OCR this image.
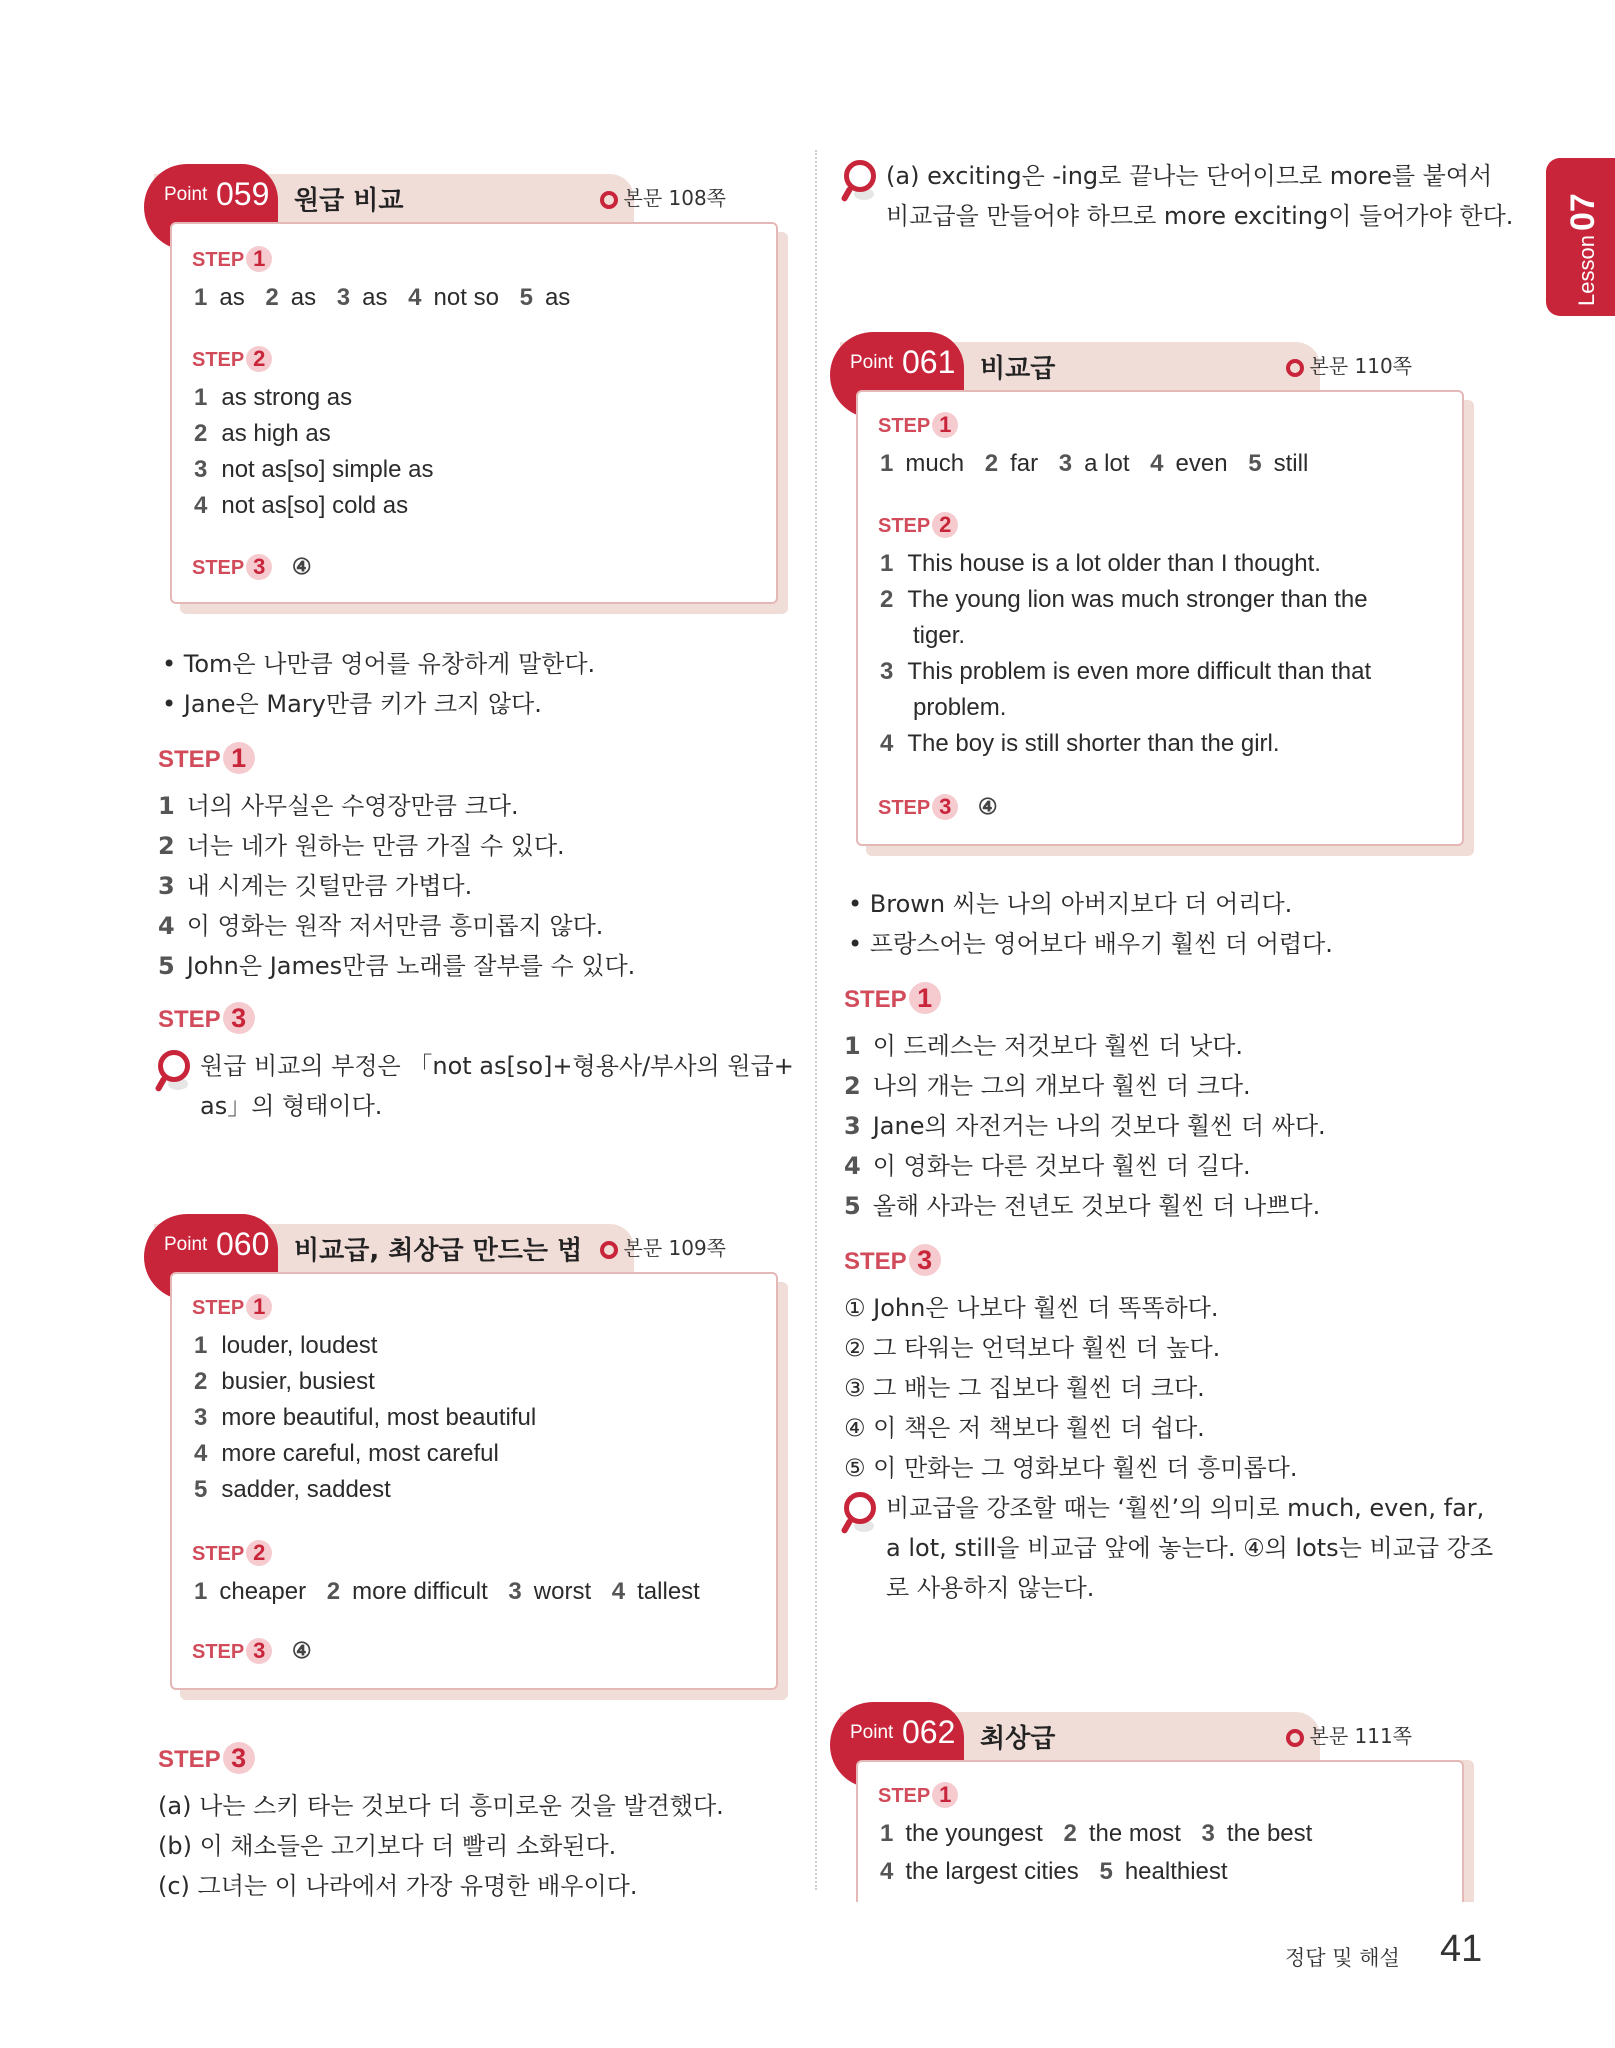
Lesson07
Point 059 원급 비교	본문 108쪽
STEP 1
1 as 2 as 3 as 4 not so 5 as
STEP 2
1 as strong as
2 as high as
3 not as[so] simple as
4 not as[so] cold as
STEP 3 ④
• Tom은 나만큼 영어를 유창하게 말한다.
• Jane은 Mary만큼 키가 크지 않다.
STEP 1
1 너의 사무실은 수영장만큼 크다.
2 너는 네가 원하는 만큼 가질 수 있다.
3 내 시계는 깃털만큼 가볍다.
4 이 영화는 원작 저서만큼 흥미롭지 않다.
5 John은 James만큼 노래를 잘부를 수 있다.
STEP 3
원급 비교의 부정은 「not as[so]+형용사/부사의 원급+
as」의 형태이다.
Point 060 비교급, 최상급 만드는 법	본문 109쪽
STEP 1
1 louder, loudest
2 busier, busiest
3 more beautiful, most beautiful
4 more careful, most careful
5 sadder, saddest
STEP 2
1 cheaper 2 more difficult 3 worst 4 tallest
STEP 3 ④
STEP 3
(a) 나는 스키 타는 것보다 더 흥미로운 것을 발견했다.
(b) 이 채소들은 고기보다 더 빨리 소화된다.
(c) 그녀는 이 나라에서 가장 유명한 배우이다.
(a) exciting은 -ing로 끝나는 단어이므로 more를 붙여서
비교급을 만들어야 하므로 more exciting이 들어가야 한다.
Point 061 비교급	본문 110쪽
STEP 1
1 much 2 far 3 a lot 4 even 5 still
STEP 2
1 This house is a lot older than I thought.
2 The young lion was much stronger than the
tiger.
3 This problem is even more difficult than that
problem.
4 The boy is still shorter than the girl.
STEP 3 ④
• Brown 씨는 나의 아버지보다 더 어리다.
• 프랑스어는 영어보다 배우기 훨씬 더 어렵다.
STEP 1
1 이 드레스는 저것보다 훨씬 더 낫다.
2 나의 개는 그의 개보다 훨씬 더 크다.
3 Jane의 자전거는 나의 것보다 훨씬 더 싸다.
4 이 영화는 다른 것보다 훨씬 더 길다.
5 올해 사과는 전년도 것보다 훨씬 더 나쁘다.
STEP 3
① John은 나보다 훨씬 더 똑똑하다.
② 그 타워는 언덕보다 훨씬 더 높다.
③ 그 배는 그 집보다 훨씬 더 크다.
④ 이 책은 저 책보다 훨씬 더 쉽다.
⑤ 이 만화는 그 영화보다 훨씬 더 흥미롭다.
비교급을 강조할 때는 ‘훨씬’의 의미로 much, even, far,
a lot, still을 비교급 앞에 놓는다. ④의 lots는 비교급 강조
로 사용하지 않는다.
Point 062 최상급	본문 111쪽
STEP 1
1 the youngest 2 the most 3 the best
4 the largest cities 5 healthiest
정답 및 해설 41
